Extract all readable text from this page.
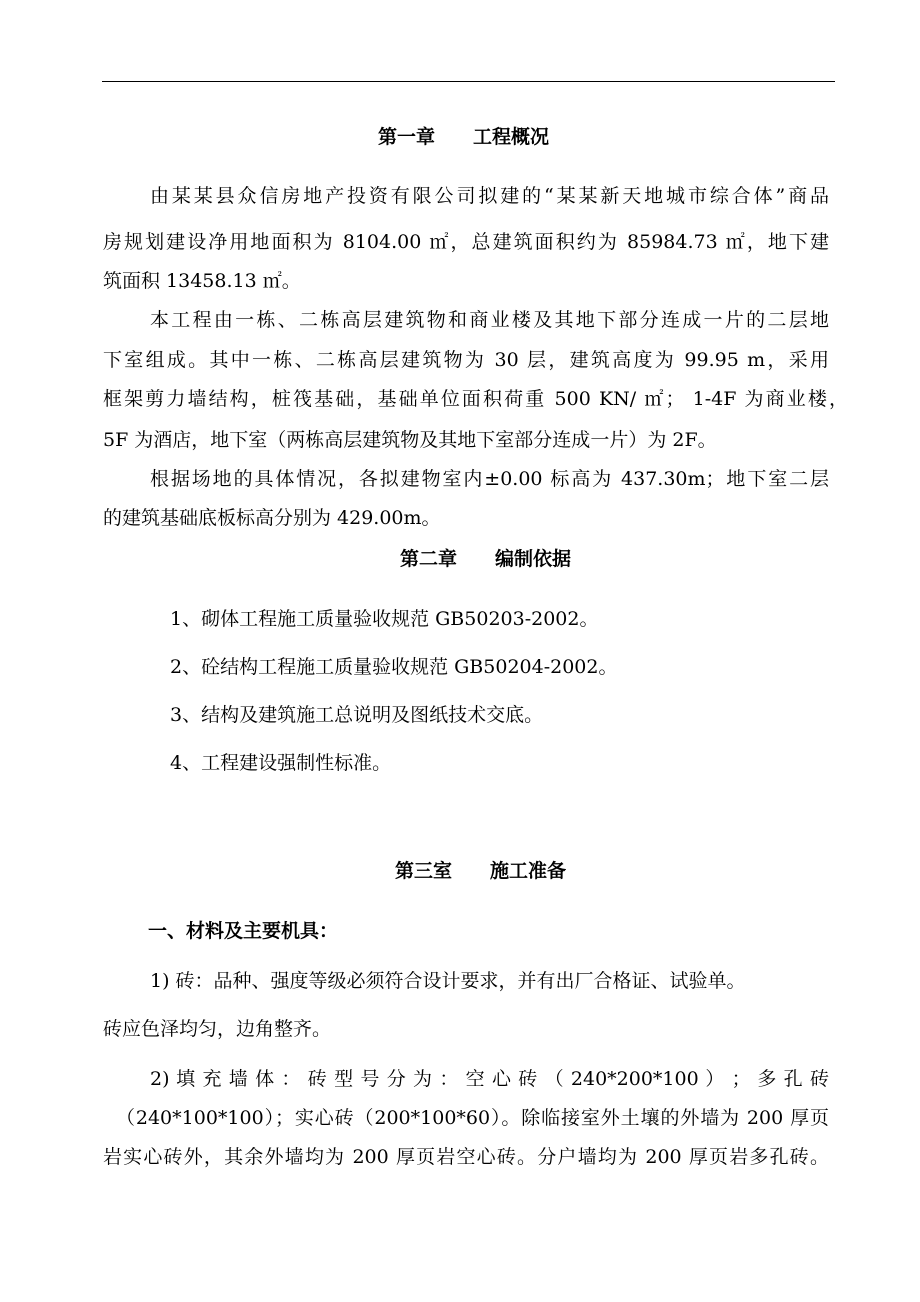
第一章 工程概况
由某某县众信房地产投资有限公司拟建的“某某新天地城市综合体”商品
房规划建设净用地面积为 8104.00 ㎡，总建筑面积约为 85984.73 ㎡，地下建
筑面积 13458.13 ㎡。
本工程由一栋、二栋高层建筑物和商业楼及其地下部分连成一片的二层地
下室组成。其中一栋、二栋高层建筑物为 30 层，建筑高度为 99.95 m，采用
框架剪力墙结构，桩筏基础，基础单位面积荷重 500 KN/ ㎡； 1-4F 为商业楼，
5F 为酒店，地下室（两栋高层建筑物及其地下室部分连成一片）为 2F。
根据场地的具体情况，各拟建物室内±0.00 标高为 437.30m；地下室二层
的建筑基础底板标高分别为 429.00m。
第二章 编制依据
1、砌体工程施工质量验收规范 GB50203-2002。
2、砼结构工程施工质量验收规范 GB50204-2002。
3、结构及建筑施工总说明及图纸技术交底。
4、工程建设强制性标准。
第三室 施工准备
一、材料及主要机具：
1) 砖：品种、强度等级必须符合设计要求，并有出厂合格证、试验单。
砖应色泽均匀，边角整齐。
2) 填 充 墙 体 ： 砖 型 号 分 为 ： 空 心 砖 （ 240*200*100 ） ； 多 孔 砖
（240*100*100）；实心砖（200*100*60）。除临接室外土壤的外墙为 200 厚页
岩实心砖外，其余外墙均为 200 厚页岩空心砖。分户墙均为 200 厚页岩多孔砖。
